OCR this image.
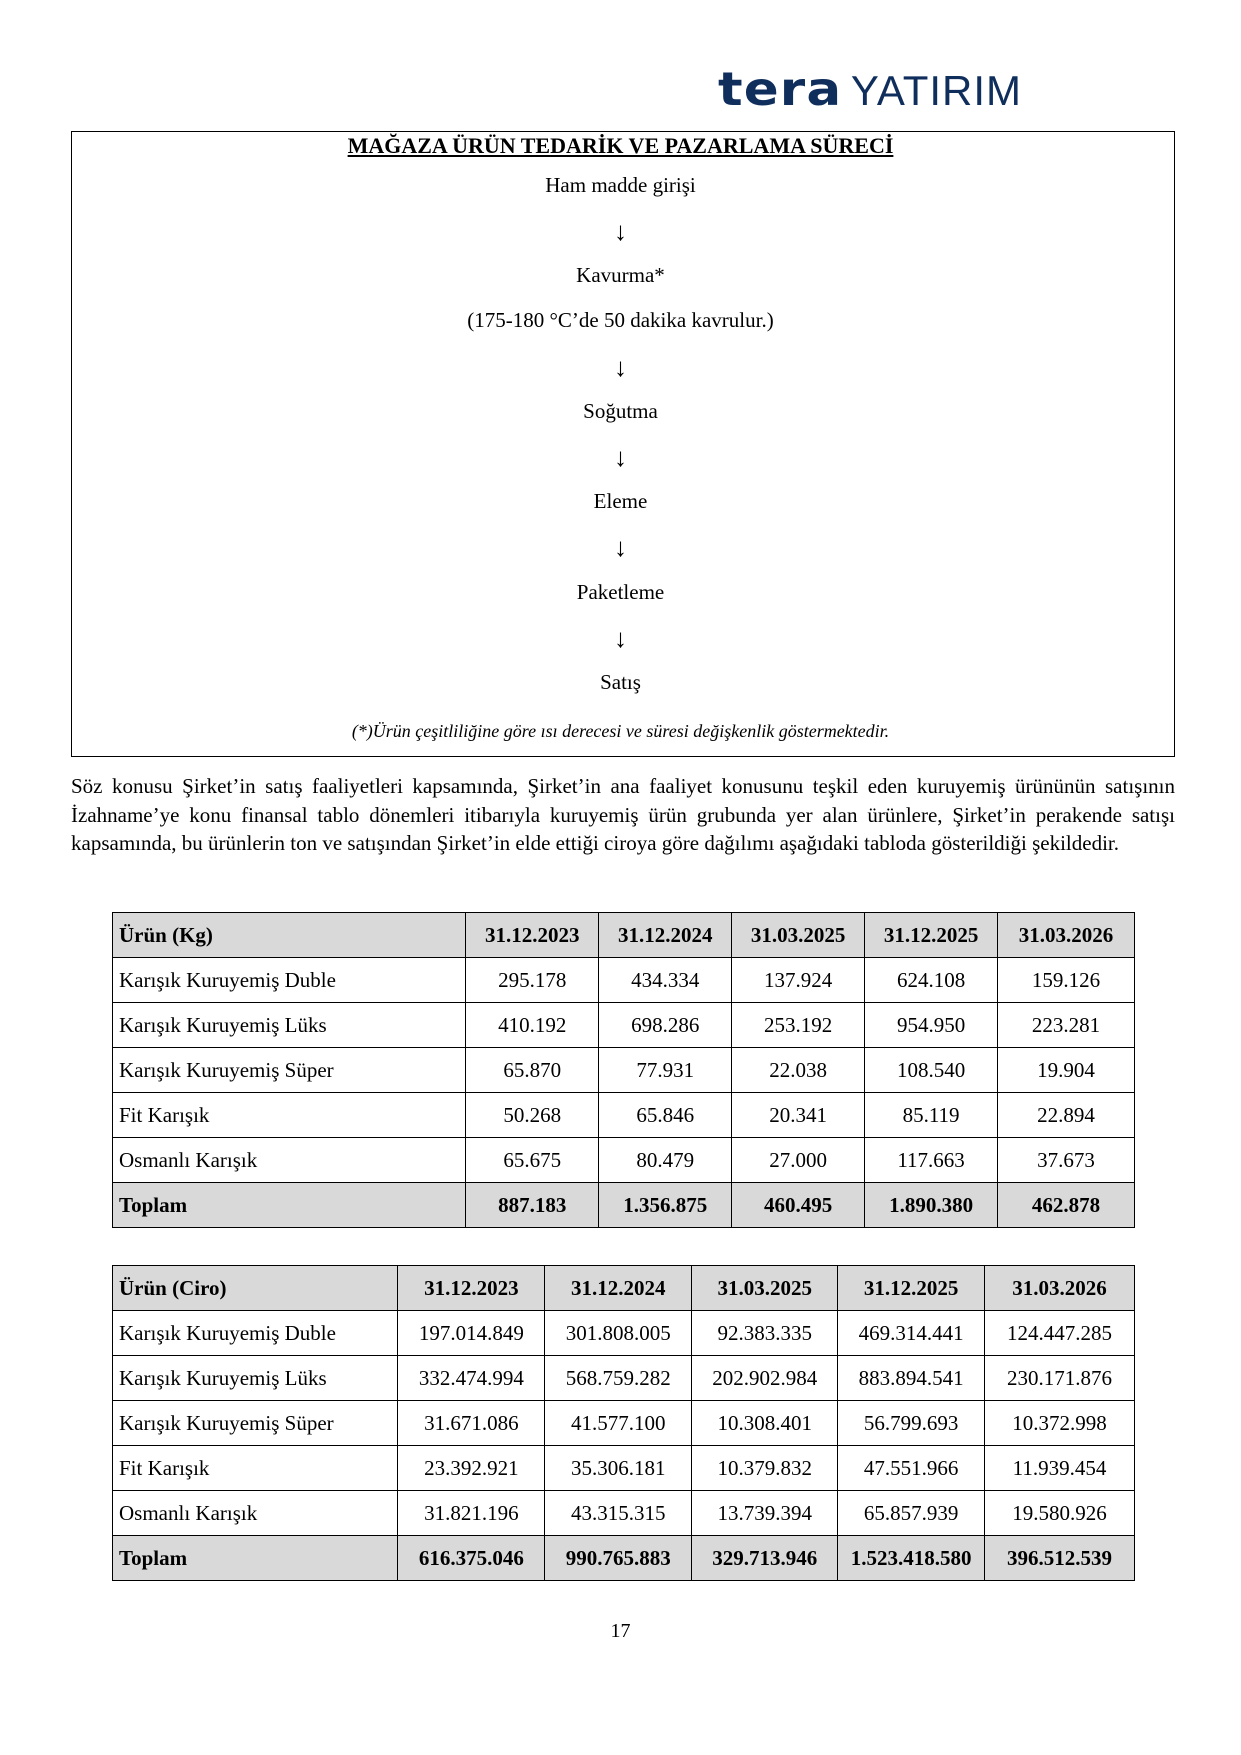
tera YATIRIM
MAĞAZA ÜRÜN TEDARİK VE PAZARLAMA SÜRECİ
Ham madde girişi
↓
Kavurma*
(175-180 °C’de 50 dakika kavrulur.)
↓
Soğutma
↓
Eleme
↓
Paketleme
↓
Satış
(*)Ürün çeşitliliğine göre ısı derecesi ve süresi değişkenlik göstermektedir.
Söz konusu Şirket’in satış faaliyetleri kapsamında, Şirket’in ana faaliyet konusunu teşkil eden kuruyemiş ürününün satışının İzahname’ye konu finansal tablo dönemleri itibarıyla kuruyemiş ürün grubunda yer alan ürünlere, Şirket’in perakende satışı kapsamında, bu ürünlerin ton ve satışından Şirket’in elde ettiği ciroya göre dağılımı aşağıdaki tabloda gösterildiği şekildedir.
Ürün (Kg)	31.12.2023	31.12.2024	31.03.2025	31.12.2025	31.03.2026
Karışık Kuruyemiş Duble	295.178	434.334	137.924	624.108	159.126
Karışık Kuruyemiş Lüks	410.192	698.286	253.192	954.950	223.281
Karışık Kuruyemiş Süper	65.870	77.931	22.038	108.540	19.904
Fit Karışık	50.268	65.846	20.341	85.119	22.894
Osmanlı Karışık	65.675	80.479	27.000	117.663	37.673
Toplam	887.183	1.356.875	460.495	1.890.380	462.878
Ürün (Ciro)	31.12.2023	31.12.2024	31.03.2025	31.12.2025	31.03.2026
Karışık Kuruyemiş Duble	197.014.849	301.808.005	92.383.335	469.314.441	124.447.285
Karışık Kuruyemiş Lüks	332.474.994	568.759.282	202.902.984	883.894.541	230.171.876
Karışık Kuruyemiş Süper	31.671.086	41.577.100	10.308.401	56.799.693	10.372.998
Fit Karışık	23.392.921	35.306.181	10.379.832	47.551.966	11.939.454
Osmanlı Karışık	31.821.196	43.315.315	13.739.394	65.857.939	19.580.926
Toplam	616.375.046	990.765.883	329.713.946	1.523.418.580	396.512.539
17
